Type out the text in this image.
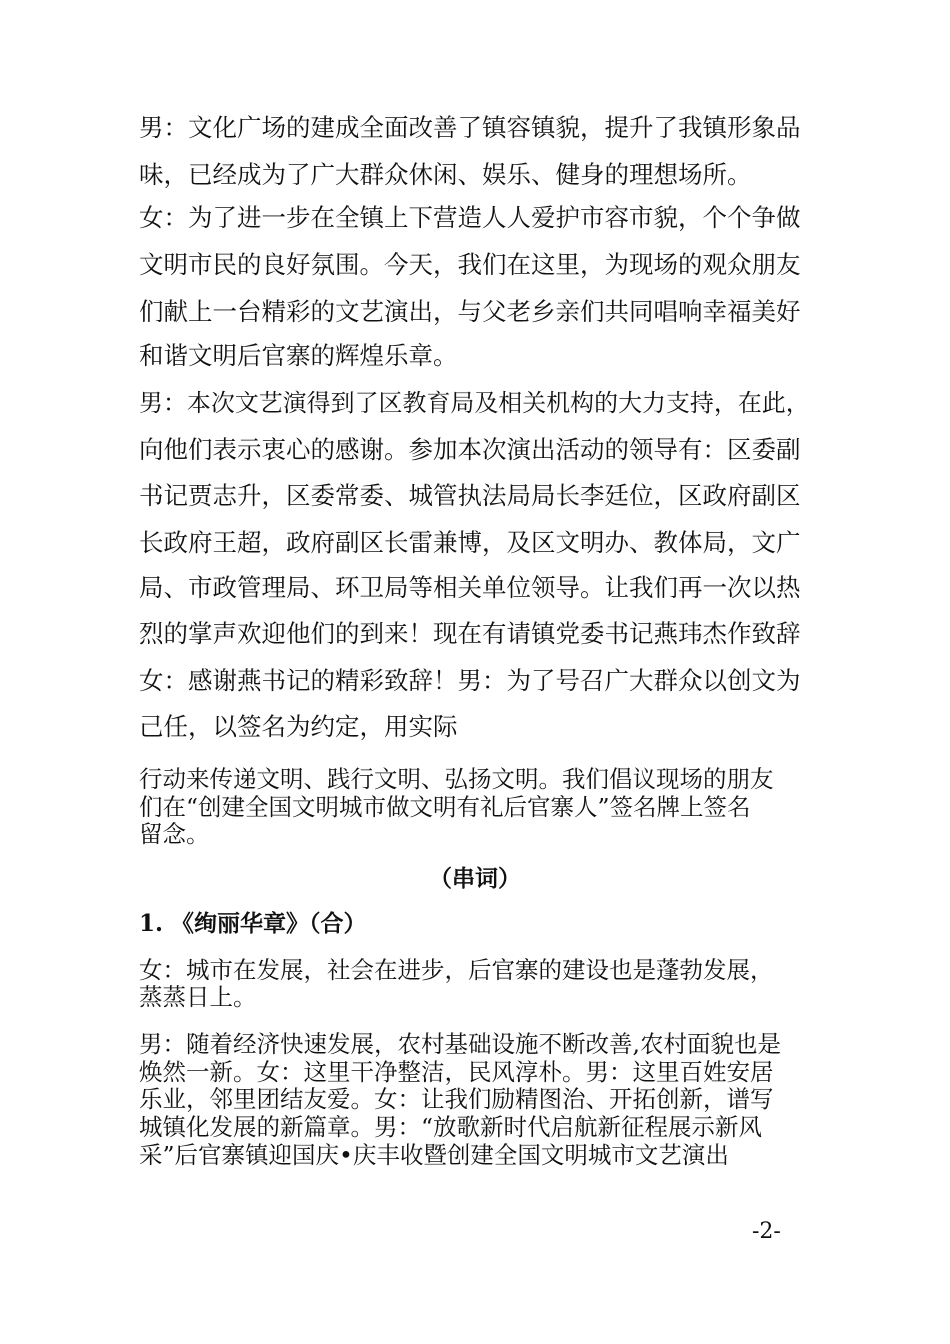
男：文化广场的建成全面改善了镇容镇貌，提升了我镇形象品
味，已经成为了广大群众休闲、娱乐、健身的理想场所。
女：为了进一步在全镇上下营造人人爱护市容市貌，个个争做
文明市民的良好氛围。今天，我们在这里，为现场的观众朋友
们献上一台精彩的文艺演出，与父老乡亲们共同唱响幸福美好
和谐文明后官寨的辉煌乐章。
男：本次文艺演得到了区教育局及相关机构的大力支持，在此，
向他们表示衷心的感谢。参加本次演出活动的领导有：区委副
书记贾志升，区委常委、城管执法局局长李廷位，区政府副区
长政府王超，政府副区长雷兼博，及区文明办、教体局，文广
局、市政管理局、环卫局等相关单位领导。让我们再一次以热
烈的掌声欢迎他们的到来！现在有请镇党委书记燕玮杰作致辞
女：感谢燕书记的精彩致辞！男：为了号召广大群众以创文为
己任，以签名为约定，用实际
行动来传递文明、践行文明、弘扬文明。我们倡议现场的朋友
们在“创建全国文明城市做文明有礼后官寨人”签名牌上签名
留念。
（串词）
1. 《绚丽华章》（合）
女：城市在发展，社会在进步，后官寨的建设也是蓬勃发展，
蒸蒸日上。
男：随着经济快速发展，农村基础设施不断改善,农村面貌也是
焕然一新。女：这里干净整洁，民风淳朴。男：这里百姓安居
乐业，邻里团结友爱。女：让我们励精图治、开拓创新，谱写
城镇化发展的新篇章。男：“放歌新时代启航新征程展示新风
采”后官寨镇迎国庆•庆丰收暨创建全国文明城市文艺演出
-2-
